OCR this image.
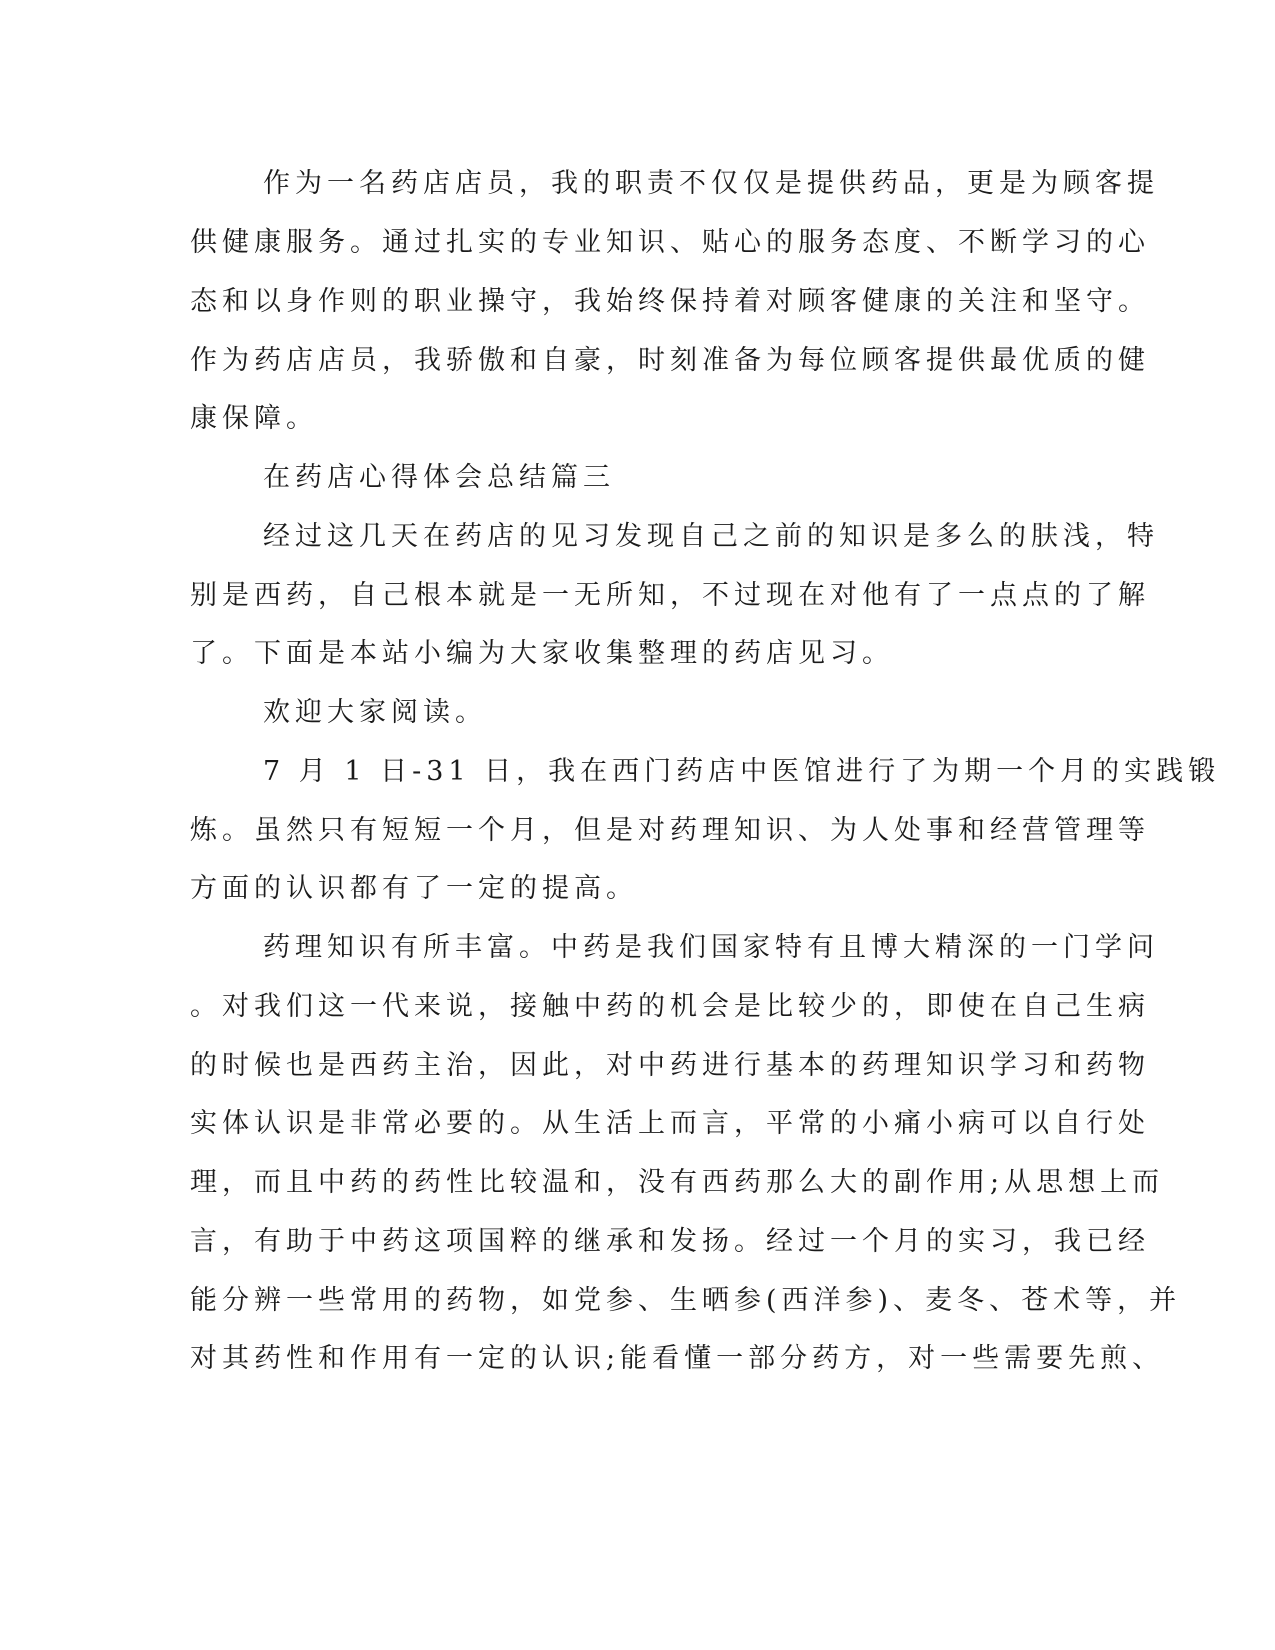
作为一名药店店员，我的职责不仅仅是提供药品，更是为顾客提

供健康服务。通过扎实的专业知识、贴心的服务态度、不断学习的心

态和以身作则的职业操守，我始终保持着对顾客健康的关注和坚守。

作为药店店员，我骄傲和自豪，时刻准备为每位顾客提供最优质的健

康保障。

在药店心得体会总结篇三

经过这几天在药店的见习发现自己之前的知识是多么的肤浅，特

别是西药，自己根本就是一无所知，不过现在对他有了一点点的了解

了。下面是本站小编为大家收集整理的药店见习。

欢迎大家阅读。

7 月 1 日-31 日，我在西门药店中医馆进行了为期一个月的实践锻

炼。虽然只有短短一个月，但是对药理知识、为人处事和经营管理等

方面的认识都有了一定的提高。

药理知识有所丰富。中药是我们国家特有且博大精深的一门学问

。对我们这一代来说，接触中药的机会是比较少的，即使在自己生病

的时候也是西药主治，因此，对中药进行基本的药理知识学习和药物

实体认识是非常必要的。从生活上而言，平常的小痛小病可以自行处

理，而且中药的药性比较温和，没有西药那么大的副作用;从思想上而

言，有助于中药这项国粹的继承和发扬。经过一个月的实习，我已经

能分辨一些常用的药物，如党参、生晒参(西洋参)、麦冬、苍术等，并

对其药性和作用有一定的认识;能看懂一部分药方，对一些需要先煎、
